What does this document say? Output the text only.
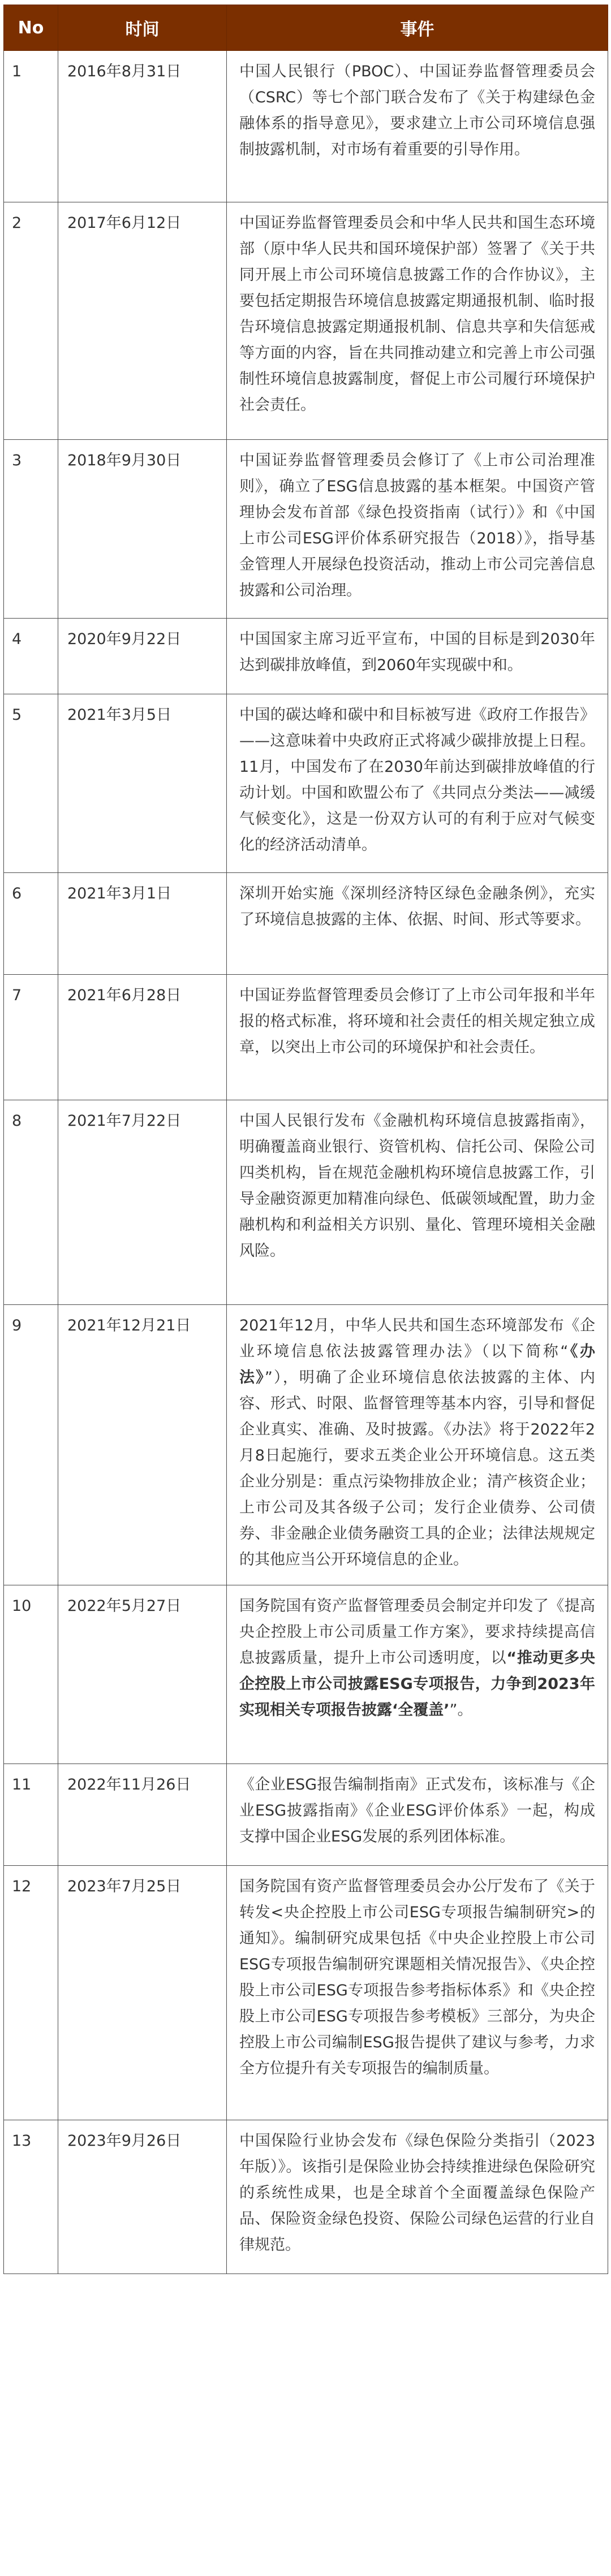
No	时间	事件
1	2016年8月31日	中国人民银行（PBOC）、中国证券监督管理委员会（CSRC）等七个部门联合发布了《关于构建绿色金融体系的指导意见》，要求建立上市公司环境信息强制披露机制，对市场有着重要的引导作用。
2	2017年6月12日	中国证券监督管理委员会和中华人民共和国生态环境部（原中华人民共和国环境保护部）签署了《关于共同开展上市公司环境信息披露工作的合作协议》，主要包括定期报告环境信息披露定期通报机制、临时报告环境信息披露定期通报机制、信息共享和失信惩戒等方面的内容，旨在共同推动建立和完善上市公司强制性环境信息披露制度，督促上市公司履行环境保护社会责任。
3	2018年9月30日	中国证券监督管理委员会修订了《上市公司治理准则》，确立了ESG信息披露的基本框架。中国资产管理协会发布首部《绿色投资指南（试行）》和《中国上市公司ESG评价体系研究报告（2018）》，指导基金管理人开展绿色投资活动，推动上市公司完善信息披露和公司治理。
4	2020年9月22日	中国国家主席习近平宣布，中国的目标是到2030年达到碳排放峰值，到2060年实现碳中和。
5	2021年3月5日	中国的碳达峰和碳中和目标被写进《政府工作报告》——这意味着中央政府正式将减少碳排放提上日程。11月，中国发布了在2030年前达到碳排放峰值的行动计划。中国和欧盟公布了《共同点分类法——减缓气候变化》，这是一份双方认可的有利于应对气候变化的经济活动清单。
6	2021年3月1日	深圳开始实施《深圳经济特区绿色金融条例》，充实了环境信息披露的主体、依据、时间、形式等要求。
7	2021年6月28日	中国证券监督管理委员会修订了上市公司年报和半年报的格式标准，将环境和社会责任的相关规定独立成章，以突出上市公司的环境保护和社会责任。
8	2021年7月22日	中国人民银行发布《金融机构环境信息披露指南》，明确覆盖商业银行、资管机构、信托公司、保险公司四类机构，旨在规范金融机构环境信息披露工作，引导金融资源更加精准向绿色、低碳领域配置，助力金融机构和利益相关方识别、量化、管理环境相关金融风险。
9	2021年12月21日	2021年12月，中华人民共和国生态环境部发布《企业环境信息依法披露管理办法》（以下简称“《办法》”），明确了企业环境信息依法披露的主体、内容、形式、时限、监督管理等基本内容，引导和督促企业真实、准确、及时披露。《办法》将于2022年2月8日起施行，要求五类企业公开环境信息。这五类企业分别是：重点污染物排放企业；清产核资企业；上市公司及其各级子公司；发行企业债券、公司债券、非金融企业债务融资工具的企业；法律法规规定的其他应当公开环境信息的企业。
10	2022年5月27日	国务院国有资产监督管理委员会制定并印发了《提高央企控股上市公司质量工作方案》，要求持续提高信息披露质量，提升上市公司透明度，以“推动更多央企控股上市公司披露ESG专项报告，力争到2023年实现相关专项报告披露‘全覆盖’”。
11	2022年11月26日	《企业ESG报告编制指南》正式发布，该标准与《企业ESG披露指南》《企业ESG评价体系》一起，构成支撑中国企业ESG发展的系列团体标准。
12	2023年7月25日	国务院国有资产监督管理委员会办公厅发布了《关于转发<央企控股上市公司ESG专项报告编制研究>的通知》。编制研究成果包括《中央企业控股上市公司ESG专项报告编制研究课题相关情况报告》、《央企控股上市公司ESG专项报告参考指标体系》和《央企控股上市公司ESG专项报告参考模板》三部分，为央企控股上市公司编制ESG报告提供了建议与参考，力求全方位提升有关专项报告的编制质量。
13	2023年9月26日	中国保险行业协会发布《绿色保险分类指引（2023年版）》。该指引是保险业协会持续推进绿色保险研究的系统性成果，也是全球首个全面覆盖绿色保险产品、保险资金绿色投资、保险公司绿色运营的行业自律规范。
